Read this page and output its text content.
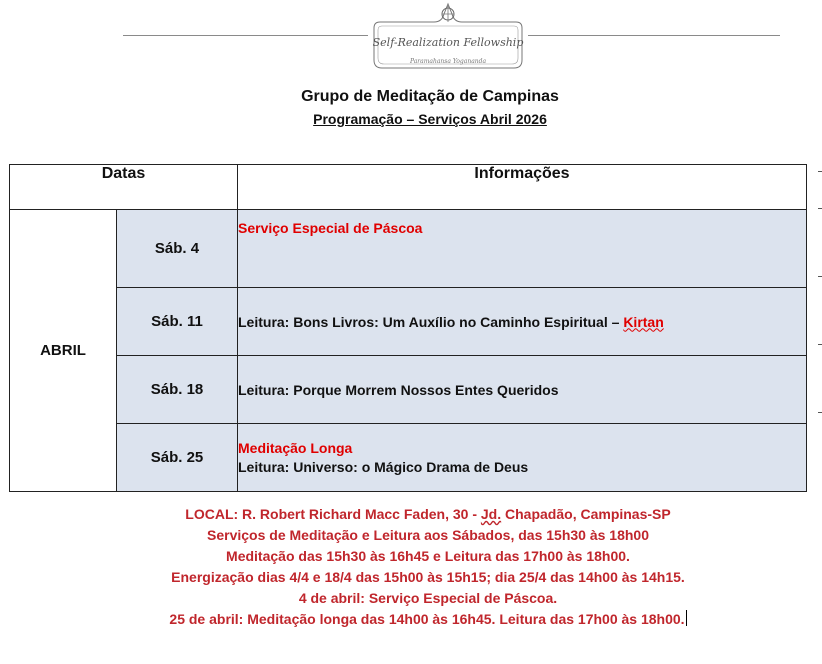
Self-Realization Fellowship
Paramahansa Yogananda
Grupo de Meditação de Campinas
Programação – Serviços Abril 2026
Datas		Informações
ABRIL	Sáb. 4	Serviço Especial de Páscoa
	Sáb. 11	Leitura: Bons Livros: Um Auxílio no Caminho Espiritual – Kirtan
	Sáb. 18	Leitura: Porque Morrem Nossos Entes Queridos
	Sáb. 25	Meditação Longa
Leitura: Universo: o Mágico Drama de Deus
LOCAL: R. Robert Richard Macc Faden, 30 - Jd. Chapadão, Campinas-SP
Serviços de Meditação e Leitura aos Sábados, das 15h30 às 18h00
Meditação das 15h30 às 16h45 e Leitura das 17h00 às 18h00.
Energização dias 4/4 e 18/4 das 15h00 às 15h15; dia 25/4 das 14h00 às 14h15.
4 de abril: Serviço Especial de Páscoa.
25 de abril: Meditação longa das 14h00 às 16h45. Leitura das 17h00 às 18h00.
